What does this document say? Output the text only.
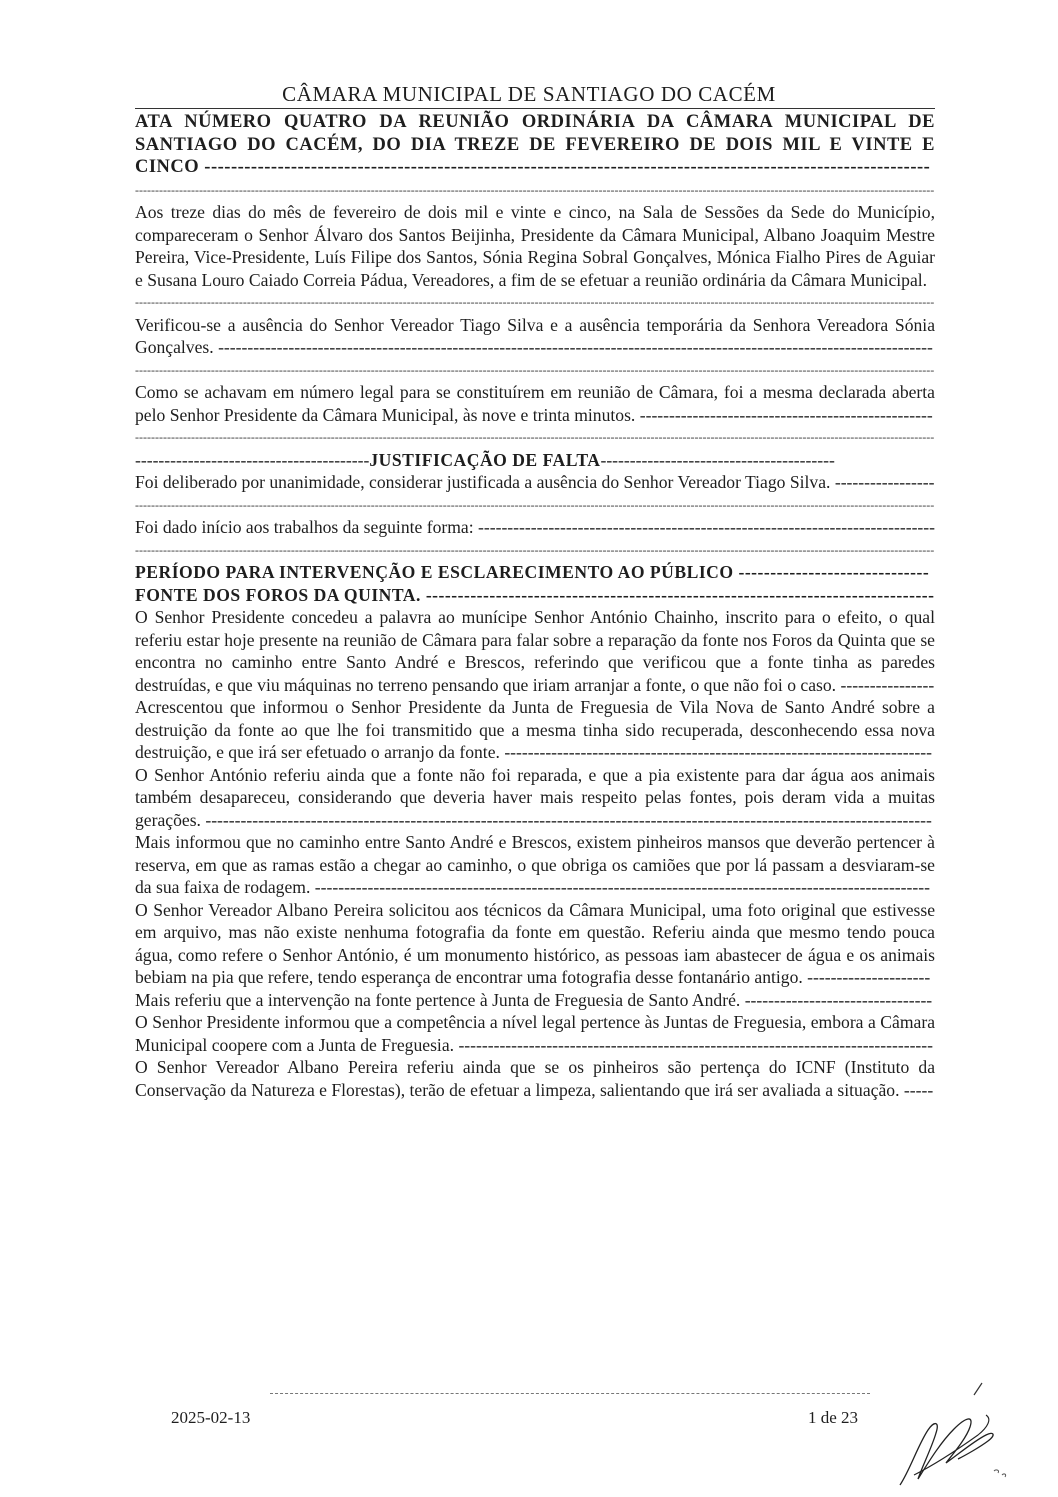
CÂMARA MUNICIPAL DE SANTIAGO DO CACÉM

ATA NÚMERO QUATRO DA REUNIÃO ORDINÁRIA DA CÂMARA MUNICIPAL DE SANTIAGO DO CACÉM, DO DIA TREZE DE FEVEREIRO DE DOIS MIL E VINTE E CINCO -------------------------------------------------------------------------------------------------------------

--------------------------------------------------------------------------------------------------------------------------------------------------------------------------------------------------------

Aos treze dias do mês de fevereiro de dois mil e vinte e cinco, na Sala de Sessões da Sede do Município, compareceram o Senhor Álvaro dos Santos Beijinha, Presidente da Câmara Municipal, Albano Joaquim Mestre Pereira, Vice-Presidente, Luís Filipe dos Santos, Sónia Regina Sobral Gonçalves, Mónica Fialho Pires de Aguiar e Susana Louro Caiado Correia Pádua, Vereadores, a fim de se efetuar a reunião ordinária da Câmara Municipal.

--------------------------------------------------------------------------------------------------------------------------------------------------------------------------------------------------------

Verificou-se a ausência do Senhor Vereador Tiago Silva e a ausência temporária da Senhora Vereadora Sónia Gonçalves. --------------------------------------------------------------------------------------------------------------------------

--------------------------------------------------------------------------------------------------------------------------------------------------------------------------------------------------------

Como se achavam em número legal para se constituírem em reunião de Câmara, foi a mesma declarada aberta pelo Senhor Presidente da Câmara Municipal, às nove e trinta minutos. --------------------------------------------------

--------------------------------------------------------------------------------------------------------------------------------------------------------------------------------------------------------

----------------------------------------JUSTIFICAÇÃO DE FALTA----------------------------------------

Foi deliberado por unanimidade, considerar justificada a ausência do Senhor Vereador Tiago Silva. -----------------

--------------------------------------------------------------------------------------------------------------------------------------------------------------------------------------------------------

Foi dado início aos trabalhos da seguinte forma: ------------------------------------------------------------------------------

--------------------------------------------------------------------------------------------------------------------------------------------------------------------------------------------------------

PERÍODO PARA INTERVENÇÃO E ESCLARECIMENTO AO PÚBLICO ------------------------------

FONTE DOS FOROS DA QUINTA. --------------------------------------------------------------------------------

O Senhor Presidente concedeu a palavra ao munícipe Senhor António Chainho, inscrito para o efeito, o qual referiu estar hoje presente na reunião de Câmara para falar sobre a reparação da fonte nos Foros da Quinta que se encontra no caminho entre Santo André e Brescos, referindo que verificou que a fonte tinha as paredes destruídas, e que viu máquinas no terreno pensando que iriam arranjar a fonte, o que não foi o caso. ----------------

Acrescentou que informou o Senhor Presidente da Junta de Freguesia de Vila Nova de Santo André sobre a destruição da fonte ao que lhe foi transmitido que a mesma tinha sido recuperada, desconhecendo essa nova destruição, e que irá ser efetuado o arranjo da fonte. -------------------------------------------------------------------------

O Senhor António referiu ainda que a fonte não foi reparada, e que a pia existente para dar água aos animais também desapareceu, considerando que deveria haver mais respeito pelas fontes, pois deram vida a muitas gerações. ----------------------------------------------------------------------------------------------------------------------------

Mais informou que no caminho entre Santo André e Brescos, existem pinheiros mansos que deverão pertencer à reserva, em que as ramas estão a chegar ao caminho, o que obriga os camiões que por lá passam a desviaram-se da sua faixa de rodagem. ---------------------------------------------------------------------------------------------------------

O Senhor Vereador Albano Pereira solicitou aos técnicos da Câmara Municipal, uma foto original que estivesse em arquivo, mas não existe nenhuma fotografia da fonte em questão. Referiu ainda que mesmo tendo pouca água, como refere o Senhor António, é um monumento histórico, as pessoas iam abastecer de água e os animais bebiam na pia que refere, tendo esperança de encontrar uma fotografia desse fontanário antigo. ---------------------

Mais referiu que a intervenção na fonte pertence à Junta de Freguesia de Santo André. --------------------------------

O Senhor Presidente informou que a competência a nível legal pertence às Juntas de Freguesia, embora a Câmara Municipal coopere com a Junta de Freguesia. ---------------------------------------------------------------------------------

O Senhor Vereador Albano Pereira referiu ainda que se os pinheiros são pertença do ICNF (Instituto da Conservação da Natureza e Florestas), terão de efetuar a limpeza, salientando que irá ser avaliada a situação. -----

2025-02-13	1 de 23
